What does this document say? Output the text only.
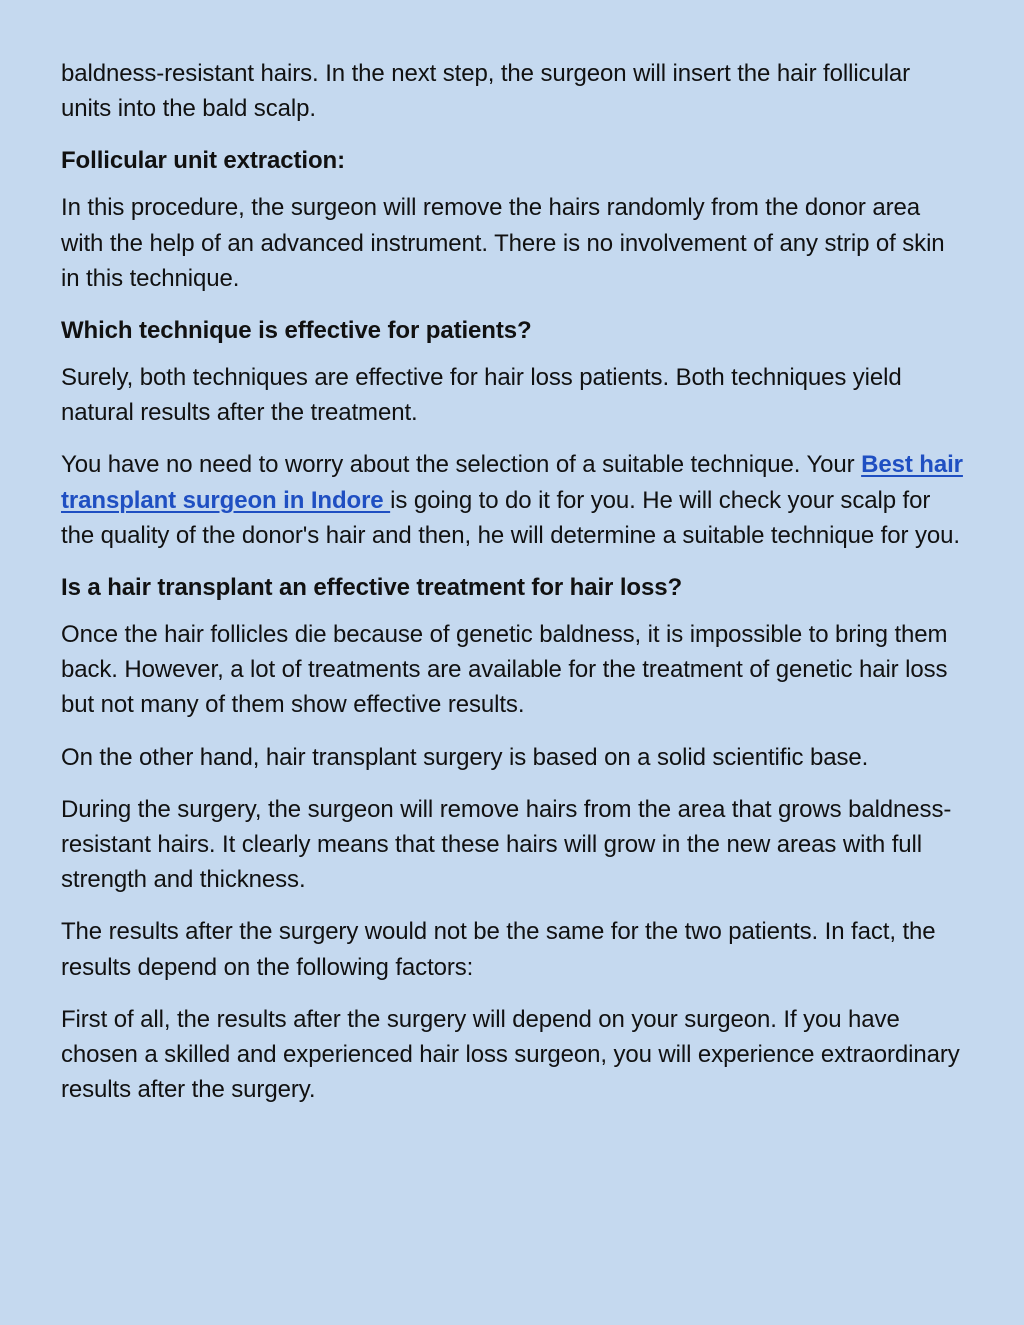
baldness-resistant hairs. In the next step, the surgeon will insert the hair follicular units into the bald scalp.

Follicular unit extraction:

In this procedure, the surgeon will remove the hairs randomly from the donor area with the help of an advanced instrument. There is no involvement of any strip of skin in this technique.

Which technique is effective for patients?

Surely, both techniques are effective for hair loss patients. Both techniques yield natural results after the treatment.

You have no need to worry about the selection of a suitable technique. Your Best hair transplant surgeon in Indore is going to do it for you. He will check your scalp for the quality of the donor's hair and then, he will determine a suitable technique for you.

Is a hair transplant an effective treatment for hair loss?

Once the hair follicles die because of genetic baldness, it is impossible to bring them back. However, a lot of treatments are available for the treatment of genetic hair loss but not many of them show effective results.

On the other hand, hair transplant surgery is based on a solid scientific base.

During the surgery, the surgeon will remove hairs from the area that grows baldness-resistant hairs. It clearly means that these hairs will grow in the new areas with full strength and thickness.

The results after the surgery would not be the same for the two patients. In fact, the results depend on the following factors:

First of all, the results after the surgery will depend on your surgeon. If you have chosen a skilled and experienced hair loss surgeon, you will experience extraordinary results after the surgery.
